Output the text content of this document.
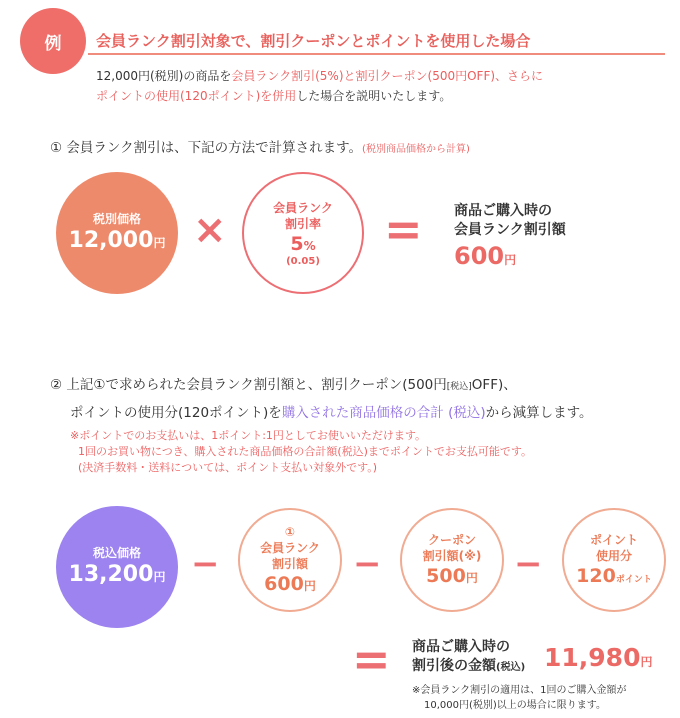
例 会員ランク割引対象で、割引クーポンとポイントを使用した場合
12,000円(税別)の商品を会員ランク割引(5%)と割引クーポン(500円OFF)、さらに
ポイントの使用(120ポイント)を併用した場合を説明いたします。
① 会員ランク割引は、下記の方法で計算されます。(税別商品価格から計算)
税別価格
12,000円 ×	会員ランク
割引率
5%
(0.05)
= 商品ご購入時の
会員ランク割引額
600円
② 上記①で求められた会員ランク割引額と、割引クーポン(500円[税込]OFF)、
ポイントの使用分(120ポイント)を購入された商品価格の合計 (税込)から減算します。
※ポイントでのお支払いは、1ポイント:1円としてお使いいただけます。
1回のお買い物につき、購入された商品価格の合計額(税込)までポイントでお支払可能です。
(決済手数料・送料については、ポイント支払い対象外です。)
税込価格
13,200円 −
①
会員ランク
割引額
600円
−
クーポン
割引額(※)
500円 −
ポイント
使用分
120ポイント
= 商品ご購入時の
割引後の金額(税込) 11,980円
※会員ランク割引の適用は、1回のご購入金額が
10,000円(税別)以上の場合に限ります。
